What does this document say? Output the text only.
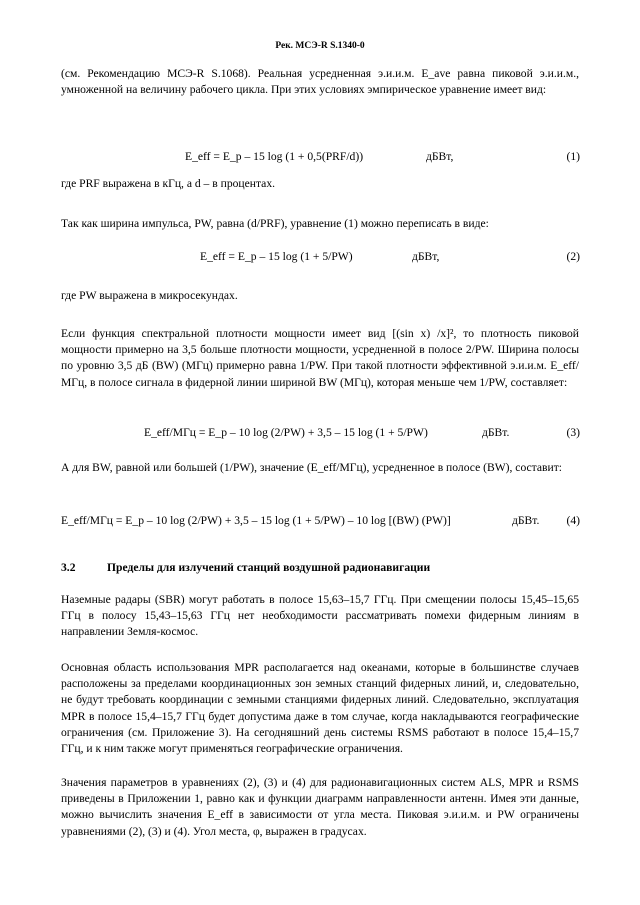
Рек. МСЭ-R S.1340-0

(см. Рекомендацию МСЭ-R S.1068). Реальная усредненная э.и.и.м. E_ave равна пиковой э.и.и.м., умноженной на величину рабочего цикла. При этих условиях эмпирическое уравнение имеет вид:

E_eff = E_p – 15 log (1 + 0,5(PRF/d))	дБВт,	(1)

где PRF выражена в кГц, а d – в процентах.

Так как ширина импульса, PW, равна (d/PRF), уравнение (1) можно переписать в виде:

E_eff = E_p – 15 log (1 + 5/PW)	дБВт,	(2)

где PW выражена в микросекундах.

Если функция спектральной плотности мощности имеет вид [(sin x) /x]², то плотность пиковой мощности примерно на 3,5 больше плотности мощности, усредненной в полосе 2/PW. Ширина полосы по уровню 3,5 дБ (BW) (МГц) примерно равна 1/PW. При такой плотности эффективной э.и.и.м. E_eff/МГц, в полосе сигнала в фидерной линии шириной BW (МГц), которая меньше чем 1/PW, составляет:

E_eff/МГц = E_p – 10 log (2/PW) + 3,5 – 15 log (1 + 5/PW)	дБВт.	(3)

А для BW, равной или большей (1/PW), значение (E_eff/МГц), усредненное в полосе (BW), составит:

E_eff/МГц = E_p – 10 log (2/PW) + 3,5 – 15 log (1 + 5/PW) – 10 log [(BW) (PW)]	дБВт. (4)
3.2	Пределы для излучений станций воздушной радионавигации

Наземные радары (SBR) могут работать в полосе 15,63–15,7 ГГц. При смещении полосы 15,45–15,65 ГГц в полосу 15,43–15,63 ГГц нет необходимости рассматривать помехи фидерным линиям в направлении Земля-космос.

Основная область использования MPR располагается над океанами, которые в большинстве случаев расположены за пределами координационных зон земных станций фидерных линий, и, следовательно, не будут требовать координации с земными станциями фидерных линий. Следовательно, эксплуатация MPR в полосе 15,4–15,7 ГГц будет допустима даже в том случае, когда накладываются географические ограничения (см. Приложение 3). На сегодняшний день системы RSMS работают в полосе 15,4–15,7 ГГц, и к ним также могут применяться географические ограничения.

Значения параметров в уравнениях (2), (3) и (4) для радионавигационных систем ALS, MPR и RSMS приведены в Приложении 1, равно как и функции диаграмм направленности антенн. Имея эти данные, можно вычислить значения E_eff в зависимости от угла места. Пиковая э.и.и.м. и PW ограничены уравнениями (2), (3) и (4). Угол места, φ, выражен в градусах.
